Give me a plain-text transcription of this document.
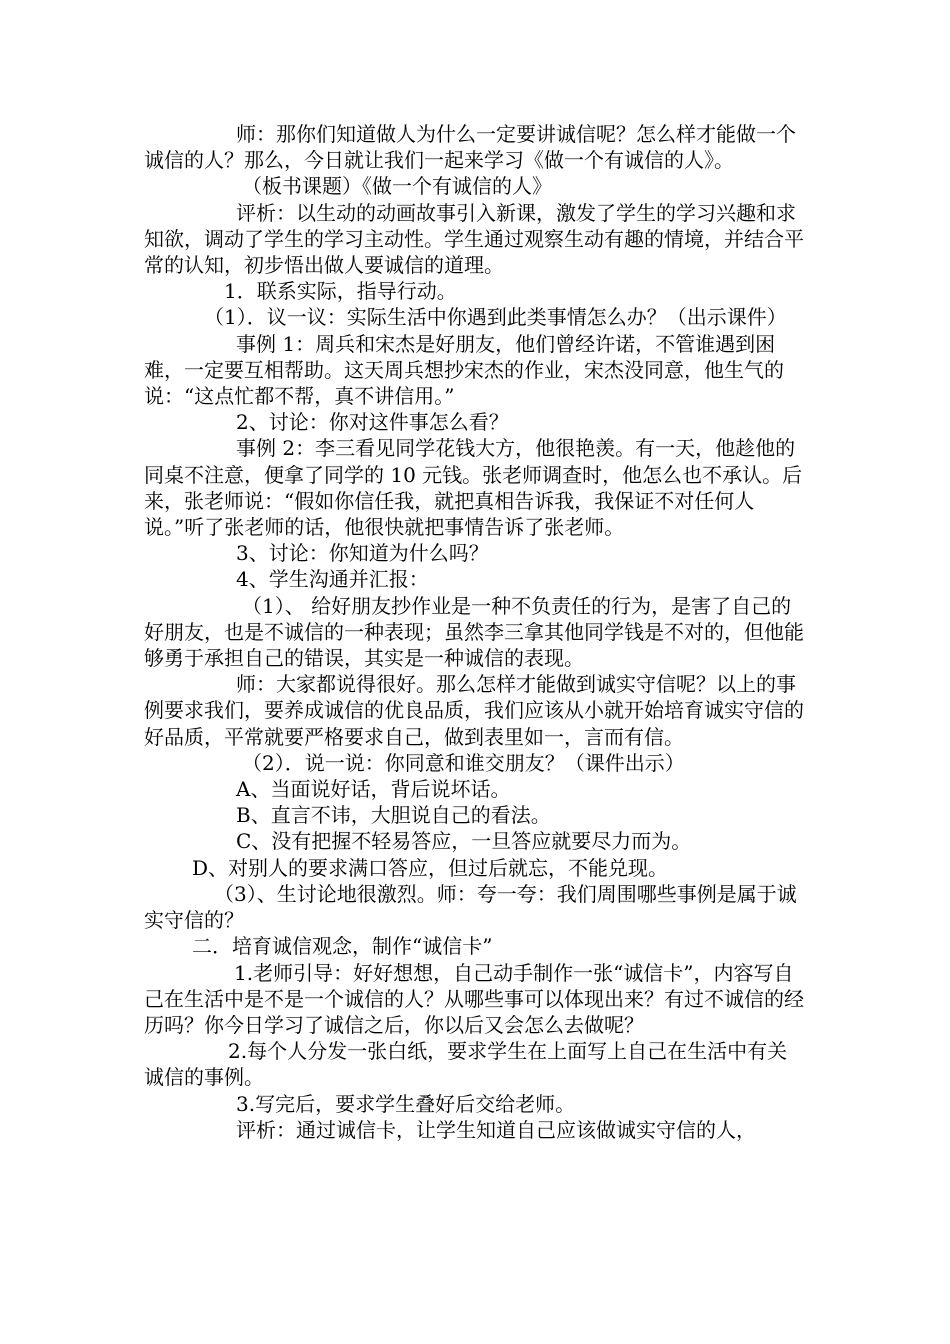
师：那你们知道做人为什么一定要讲诚信呢？怎么样才能做一个诚信的人？那么，今日就让我们一起来学习《做一个有诚信的人》。

（板书课题）《做一个有诚信的人》

评析：以生动的动画故事引入新课，激发了学生的学习兴趣和求知欲，调动了学生的学习主动性。学生通过观察生动有趣的情境，并结合平常的认知，初步悟出做人要诚信的道理。

1．联系实际，指导行动。

（1）．议一议：实际生活中你遇到此类事情怎么办？（出示课件）

事例 1：周兵和宋杰是好朋友，他们曾经许诺，不管谁遇到困难，一定要互相帮助。这天周兵想抄宋杰的作业，宋杰没同意，他生气的说：“这点忙都不帮，真不讲信用。”

2、讨论：你对这件事怎么看？

事例 2：李三看见同学花钱大方，他很艳羡。有一天，他趁他的同桌不注意，便拿了同学的 10 元钱。张老师调查时，他怎么也不承认。后来，张老师说：“假如你信任我，就把真相告诉我，我保证不对任何人说。”听了张老师的话，他很快就把事情告诉了张老师。

3、讨论：你知道为什么吗？

4、学生沟通并汇报：

（1）、 给好朋友抄作业是一种不负责任的行为，是害了自己的好朋友，也是不诚信的一种表现；虽然李三拿其他同学钱是不对的，但他能够勇于承担自己的错误，其实是一种诚信的表现。

师：大家都说得很好。那么怎样才能做到诚实守信呢？以上的事例要求我们，要养成诚信的优良品质，我们应该从小就开始培育诚实守信的好品质，平常就要严格要求自己，做到表里如一，言而有信。

（2）．说一说：你同意和谁交朋友？（课件出示）

A、当面说好话，背后说坏话。

B、直言不讳，大胆说自己的看法。

C、没有把握不轻易答应，一旦答应就要尽力而为。

D、对别人的要求满口答应，但过后就忘，不能兑现。

（3）、生讨论地很激烈。师：夸一夸：我们周围哪些事例是属于诚实守信的？

二．培育诚信观念，制作“诚信卡”

1.老师引导：好好想想，自己动手制作一张“诚信卡”，内容写自己在生活中是不是一个诚信的人？从哪些事可以体现出来？有过不诚信的经历吗？你今日学习了诚信之后，你以后又会怎么去做呢？

2.每个人分发一张白纸，要求学生在上面写上自己在生活中有关诚信的事例。

3.写完后，要求学生叠好后交给老师。

评析：通过诚信卡，让学生知道自己应该做诚实守信的人，
